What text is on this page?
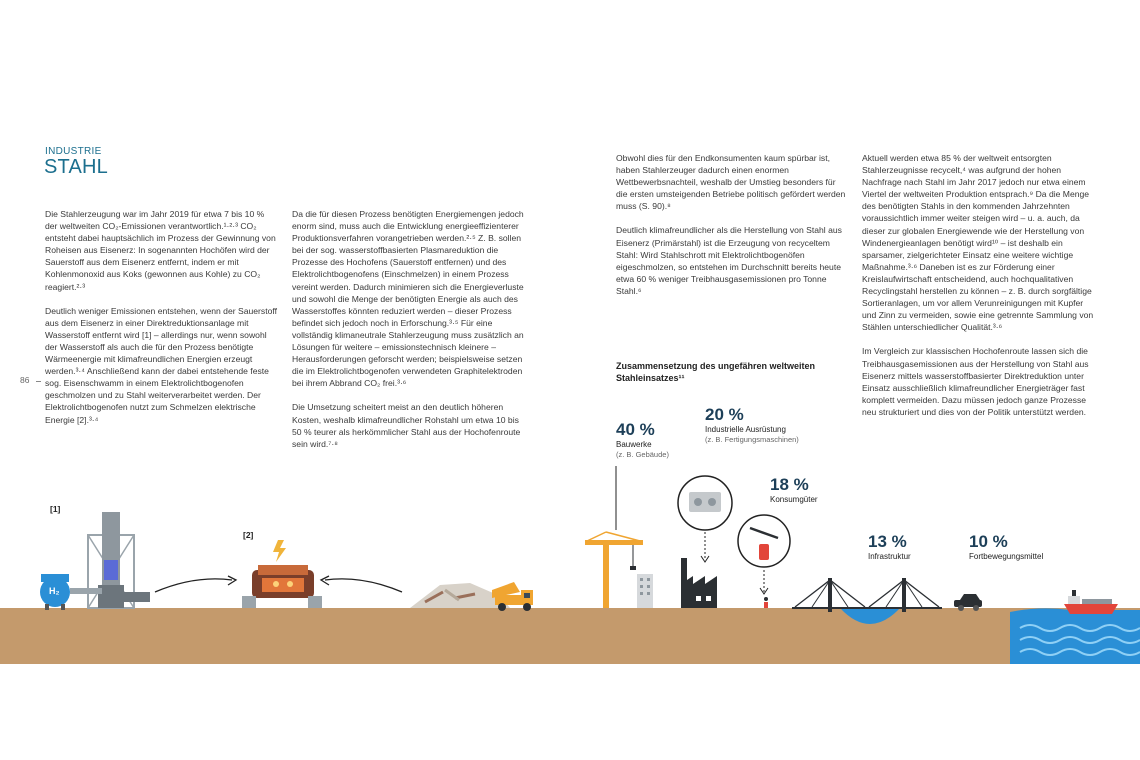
INDUSTRIE
STAHL
86

Die Stahlerzeugung war im Jahr 2019 für etwa 7 bis 10 % der weltweiten CO₂-Emissionen verantwortlich.¹·²·³ CO₂ entsteht dabei hauptsächlich im Prozess der Gewinnung von Roheisen aus Eisenerz: In sogenannten Hochöfen wird der Sauerstoff aus dem Eisenerz entfernt, indem er mit Kohlenmonoxid aus Koks (gewonnen aus Kohle) zu CO₂ reagiert.²·³

Deutlich weniger Emissionen entstehen, wenn der Sauerstoff aus dem Eisenerz in einer Direktreduktionsanlage mit Wasserstoff entfernt wird [1] – allerdings nur, wenn sowohl der Wasserstoff als auch die für den Prozess benötigte Wärmeenergie mit klimafreundlichen Energien erzeugt werden.³·⁴ Anschließend kann der dabei entstehende feste sog. Eisenschwamm in einem Elektrolichtbogenofen geschmolzen und zu Stahl weiterverarbeitet werden. Der Elektrolichtbogenofen nutzt zum Schmelzen elektrische Energie [2].³·⁴

Da die für diesen Prozess benötigten Energiemengen jedoch enorm sind, muss auch die Entwicklung energieeffizienterer Produktionsverfahren vorangetrieben werden.²·⁵ Z. B. sollen bei der sog. wasserstoffbasierten Plasmareduktion die Prozesse des Hochofens (Sauerstoff entfernen) und des Elektrolichtbogenofens (Einschmelzen) in einem Prozess vereint werden. Dadurch minimieren sich die Energieverluste und sowohl die Menge der benötigten Energie als auch des Wasserstoffes könnten reduziert werden – dieser Prozess befindet sich jedoch noch in Erforschung.³·⁵ Für eine vollständig klimaneutrale Stahlerzeugung muss zusätzlich an Lösungen für weitere – emissionstechnisch kleinere – Herausforderungen geforscht werden; beispielsweise setzen die im Elektrolichtbogenofen verwendeten Graphitelektroden bei ihrem Abbrand CO₂ frei.³·⁶

Die Umsetzung scheitert meist an den deutlich höheren Kosten, weshalb klimafreundlicher Rohstahl um etwa 10 bis 50 % teurer als herkömmlicher Stahl aus der Hochofenroute sein wird.⁷·⁸

Obwohl dies für den Endkonsumenten kaum spürbar ist, haben Stahlerzeuger dadurch einen enormen Wettbewerbsnachteil, weshalb der Umstieg besonders für die ersten umsteigenden Betriebe politisch gefördert werden muss (S. 90).⁸

Deutlich klimafreundlicher als die Herstellung von Stahl aus Eisenerz (Primärstahl) ist die Erzeugung von recyceltem Stahl: Wird Stahlschrott mit Elektrolichtbogenöfen eigeschmolzen, so entstehen im Durchschnitt bereits heute etwa 60 % weniger Treibhausgasemissionen pro Tonne Stahl.⁶

Aktuell werden etwa 85 % der weltweit entsorgten Stahlerzeugnisse recycelt,⁴ was aufgrund der hohen Nachfrage nach Stahl im Jahr 2017 jedoch nur etwa einem Viertel der weltweiten Produktion entsprach.⁹ Da die Menge des benötigten Stahls in den kommenden Jahrzehnten voraussichtlich immer weiter steigen wird – u. a. auch, da dieser zur globalen Energiewende wie der Herstellung von Windenergieanlagen benötigt wird¹⁰ – ist deshalb ein sparsamer, zielgerichteter Einsatz eine weitere wichtige Maßnahme.³·⁶ Daneben ist es zur Förderung einer Kreislaufwirtschaft entscheidend, auch hochqualitativen Recyclingstahl herstellen zu können – z. B. durch sorgfältige Sortieranlagen, um vor allem Verunreinigungen mit Kupfer und Zinn zu vermeiden, sowie eine getrennte Sammlung von Stählen unterschiedlicher Qualität.³·⁶

Im Vergleich zur klassischen Hochofenroute lassen sich die Treibhausgasemissionen aus der Herstellung von Stahl aus Eisenerz mittels wasserstoffbasierter Direktreduktion unter Einsatz ausschließlich klimafreundlicher Energieträger fast komplett vermeiden. Dazu müssen jedoch ganze Prozesse neu strukturiert und dies von der Politik unterstützt werden.

[1]
[2]
H₂
Zusammensetzung des ungefähren weltweiten Stahleinsatzes¹¹
40 %
Bauwerke
(z. B. Gebäude)
20 %
Industrielle Ausrüstung
(z. B. Fertigungsmaschinen)
18 %
Konsumgüter
13 %
Infrastruktur
10 %
Fortbewegungsmittel
